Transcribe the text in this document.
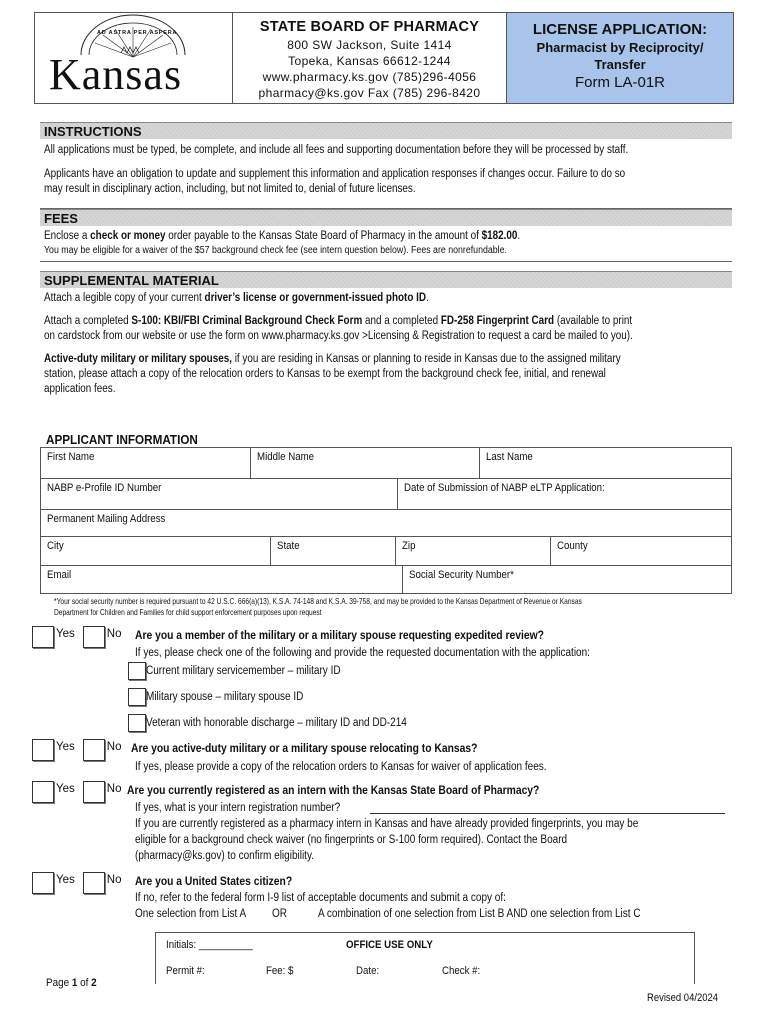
AD ASTRA PER ASPERA
Kansas
STATE BOARD OF PHARMACY
800 SW Jackson, Suite 1414
Topeka, Kansas 66612-1244
www.pharmacy.ks.gov (785)296-4056
pharmacy@ks.gov Fax (785) 296-8420
LICENSE APPLICATION:
Pharmacist by Reciprocity/
Transfer
Form LA-01R
INSTRUCTIONS
All applications must be typed, be complete, and include all fees and supporting documentation before they will be processed by staff.
Applicants have an obligation to update and supplement this information and application responses if changes occur. Failure to do so
may result in disciplinary action, including, but not limited to, denial of future licenses.
FEES
Enclose a check or money order payable to the Kansas State Board of Pharmacy in the amount of $182.00.
You may be eligible for a waiver of the $57 background check fee (see intern question below). Fees are nonrefundable.
SUPPLEMENTAL MATERIAL
Attach a legible copy of your current driver’s license or government-issued photo ID.
Attach a completed S-100: KBI/FBI Criminal Background Check Form and a completed FD-258 Fingerprint Card (available to print
on cardstock from our website or use the form on www.pharmacy.ks.gov >Licensing & Registration to request a card be mailed to you).
Active-duty military or military spouses, if you are residing in Kansas or planning to reside in Kansas due to the assigned military
station, please attach a copy of the relocation orders to Kansas to be exempt from the background check fee, initial, and renewal
application fees.
APPLICANT INFORMATION
First Name	Middle Name	Last Name
NABP e-Profile ID Number	Date of Submission of NABP eLTP Application:
Permanent Mailing Address
City	State	Zip	County
Email	Social Security Number*
*Your social security number is required pursuant to 42 U.S.C. 666(a)(13), K.S.A. 74-148 and K.S.A. 39-758, and may be provided to the Kansas Department of Revenue or Kansas
Department for Children and Families for child support enforcement purposes upon request
Yes	No Are you a member of the military or a military spouse requesting expedited review?
If yes, please check one of the following and provide the requested documentation with the application:
Current military servicemember – military ID
Military spouse – military spouse ID
Veteran with honorable discharge – military ID and DD-214
Yes	No Are you active-duty military or a military spouse relocating to Kansas?
If yes, please provide a copy of the relocation orders to Kansas for waiver of application fees.
Yes	No Are you currently registered as an intern with the Kansas State Board of Pharmacy?
If yes, what is your intern registration number?
If you are currently registered as a pharmacy intern in Kansas and have already provided fingerprints, you may be
eligible for a background check waiver (no fingerprints or S-100 form required). Contact the Board
(pharmacy@ks.gov) to confirm eligibility.
Yes	No Are you a United States citizen?
If no, refer to the federal form I-9 list of acceptable documents and submit a copy of:
One selection from List A	OR	A combination of one selection from List B AND one selection from List C
Initials: __________	OFFICE USE ONLY
Permit #:	Fee: $	Date:	Check #:
Page 1 of 2
Revised 04/2024
